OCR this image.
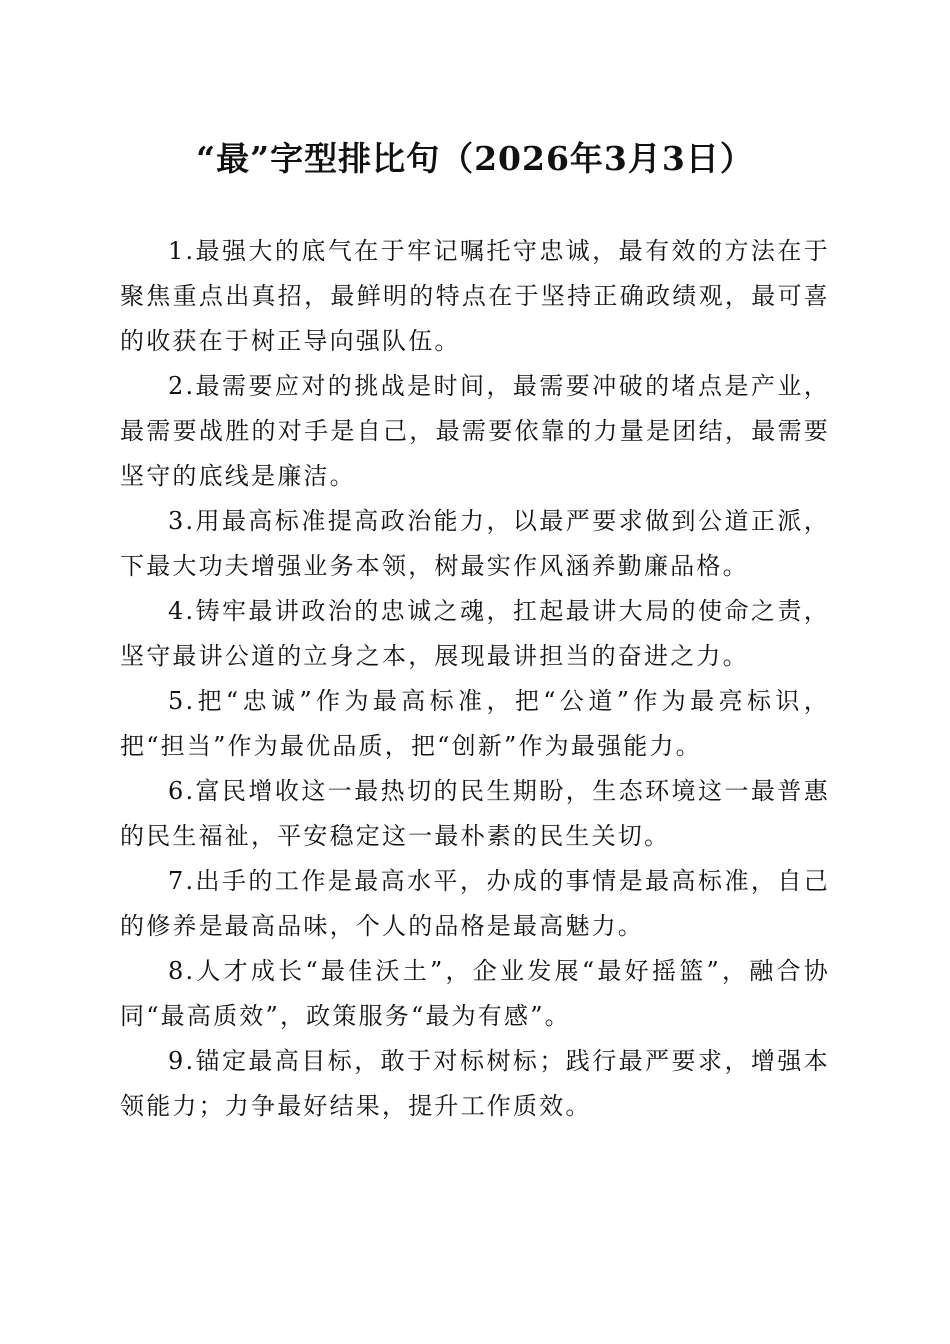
“最”字型排比句（2026年3月3日）

1.最强大的底气在于牢记嘱托守忠诚，最有效的方法在于聚焦重点出真招，最鲜明的特点在于坚持正确政绩观，最可喜的收获在于树正导向强队伍。

2.最需要应对的挑战是时间，最需要冲破的堵点是产业，最需要战胜的对手是自己，最需要依靠的力量是团结，最需要坚守的底线是廉洁。

3.用最高标准提高政治能力，以最严要求做到公道正派，下最大功夫增强业务本领，树最实作风涵养勤廉品格。

4.铸牢最讲政治的忠诚之魂，扛起最讲大局的使命之责，坚守最讲公道的立身之本，展现最讲担当的奋进之力。

5.把“忠诚”作为最高标准，把“公道”作为最亮标识，把“担当”作为最优品质，把“创新”作为最强能力。

6.富民增收这一最热切的民生期盼，生态环境这一最普惠的民生福祉，平安稳定这一最朴素的民生关切。

7.出手的工作是最高水平，办成的事情是最高标准，自己的修养是最高品味，个人的品格是最高魅力。

8.人才成长“最佳沃土”，企业发展“最好摇篮”，融合协同“最高质效”，政策服务“最为有感”。

9.锚定最高目标，敢于对标树标；践行最严要求，增强本领能力；力争最好结果，提升工作质效。
